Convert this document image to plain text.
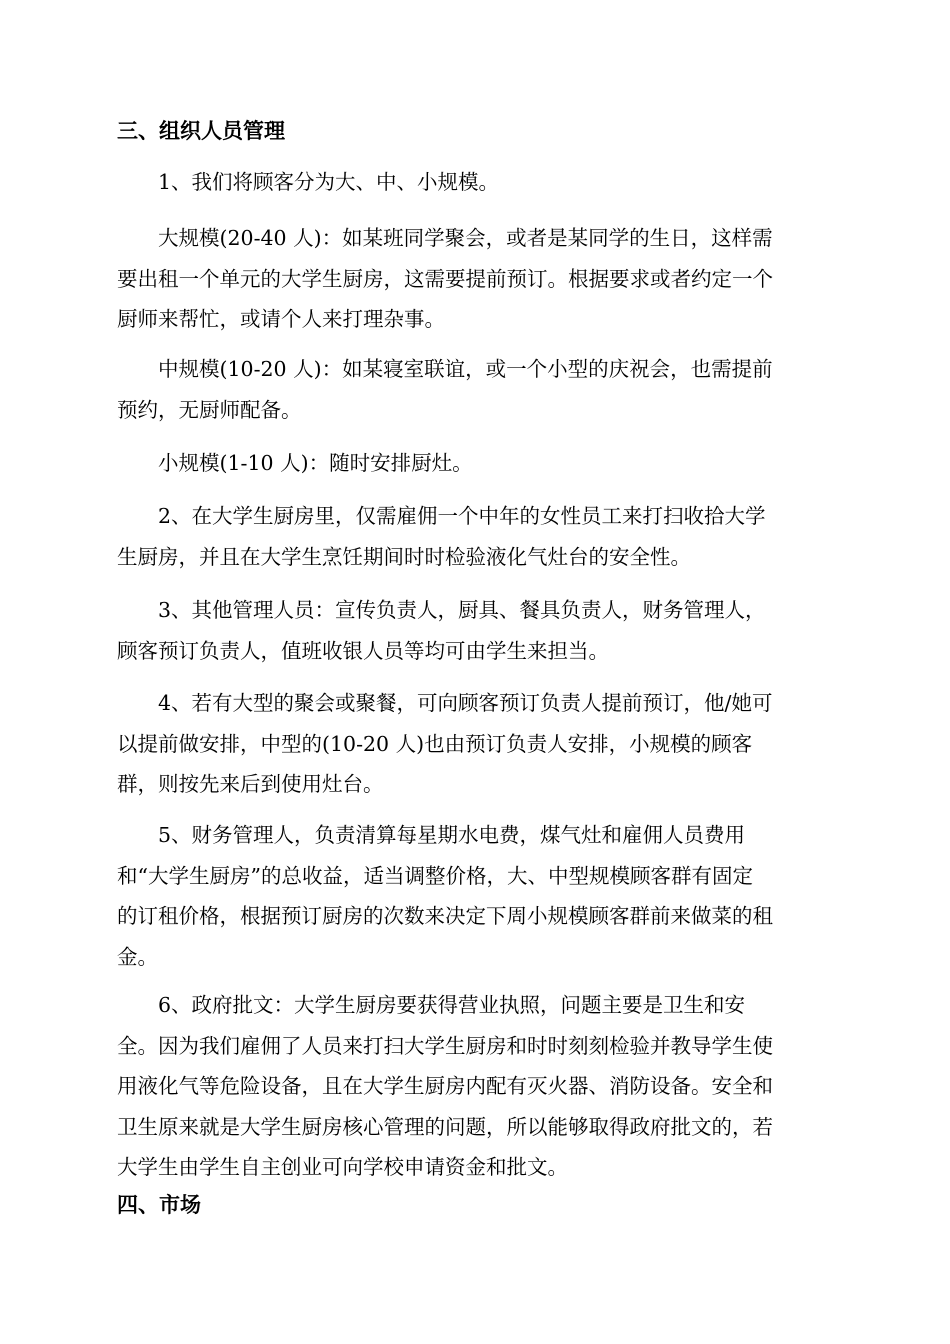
三、组织人员管理
1、我们将顾客分为大、中、小规模。
大规模(20-40 人)：如某班同学聚会，或者是某同学的生日，这样需
要出租一个单元的大学生厨房，这需要提前预订。根据要求或者约定一个
厨师来帮忙，或请个人来打理杂事。
中规模(10-20 人)：如某寝室联谊，或一个小型的庆祝会，也需提前
预约，无厨师配备。
小规模(1-10 人)：随时安排厨灶。
2、在大学生厨房里，仅需雇佣一个中年的女性员工来打扫收拾大学
生厨房，并且在大学生烹饪期间时时检验液化气灶台的安全性。
3、其他管理人员：宣传负责人，厨具、餐具负责人，财务管理人，
顾客预订负责人，值班收银人员等均可由学生来担当。
4、若有大型的聚会或聚餐，可向顾客预订负责人提前预订，他/她可
以提前做安排，中型的(10-20 人)也由预订负责人安排，小规模的顾客
群，则按先来后到使用灶台。
5、财务管理人，负责清算每星期水电费，煤气灶和雇佣人员费用
和“大学生厨房”的总收益，适当调整价格，大、中型规模顾客群有固定
的订租价格，根据预订厨房的次数来决定下周小规模顾客群前来做菜的租
金。
6、政府批文：大学生厨房要获得营业执照，问题主要是卫生和安
全。因为我们雇佣了人员来打扫大学生厨房和时时刻刻检验并教导学生使
用液化气等危险设备，且在大学生厨房内配有灭火器、消防设备。安全和
卫生原来就是大学生厨房核心管理的问题，所以能够取得政府批文的，若
大学生由学生自主创业可向学校申请资金和批文。
四、市场
